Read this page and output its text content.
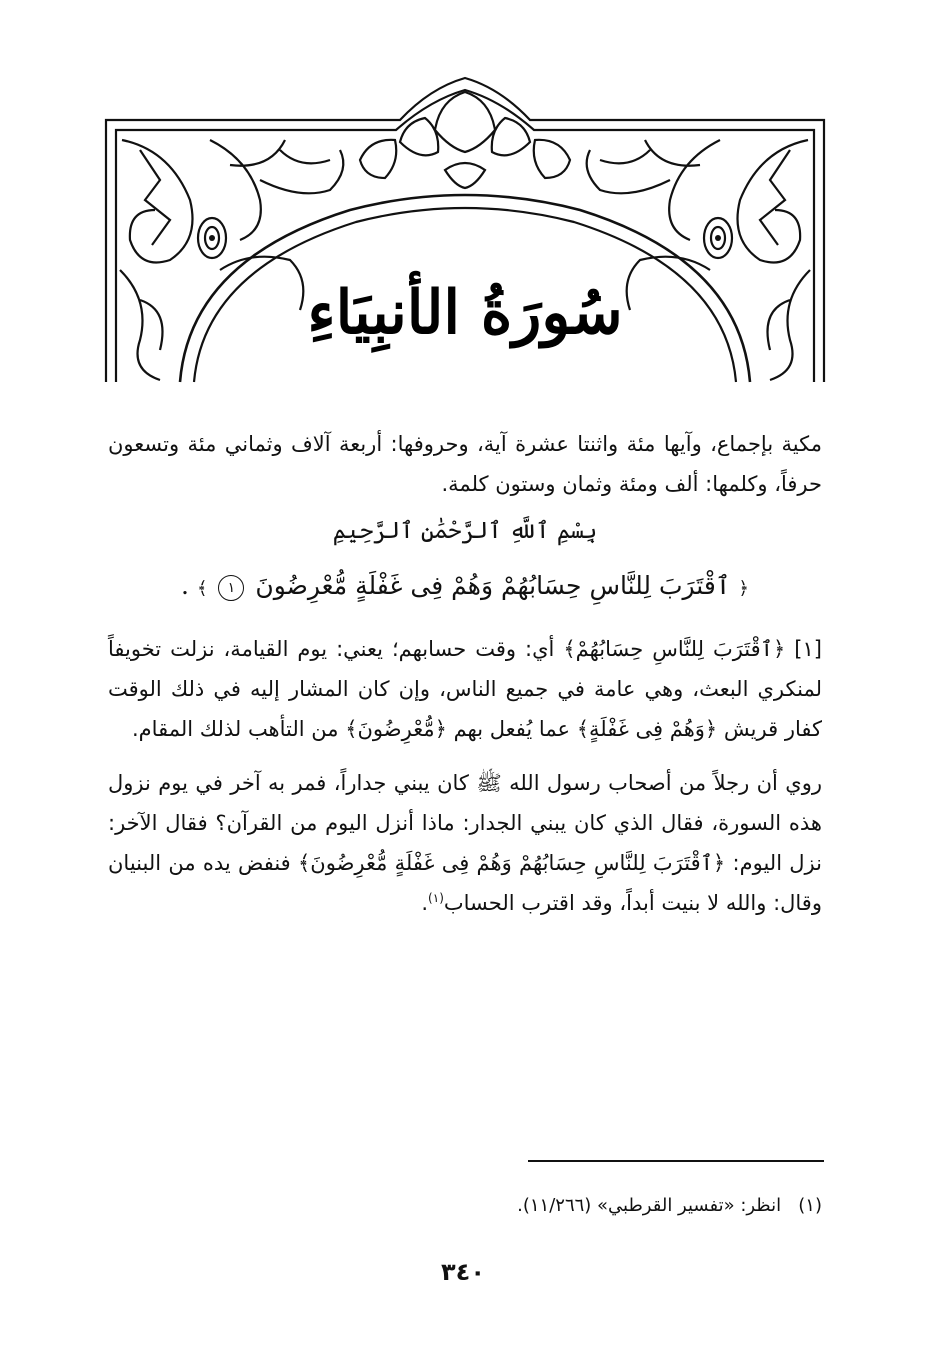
سُورَةُ الأنبِيَاءِ

مكية بإجماع، وآيها مئة واثنتا عشرة آية، وحروفها: أربعة آلاف وثماني مئة وتسعون حرفاً، وكلمها: ألف ومئة وثمان وستون كلمة.

بِسْمِ ٱللَّهِ ٱلرَّحْمَٰنِ ٱلرَّحِيمِ

﴿ ٱقْتَرَبَ لِلنَّاسِ حِسَابُهُمْ وَهُمْ فِى غَفْلَةٍ مُّعْرِضُونَ ١ ﴾ .

[١] ﴿ٱقْتَرَبَ لِلنَّاسِ حِسَابُهُمْ﴾ أي: وقت حسابهم؛ يعني: يوم القيامة، نزلت تخويفاً لمنكري البعث، وهي عامة في جميع الناس، وإن كان المشار إليه في ذلك الوقت كفار قريش ﴿وَهُمْ فِى غَفْلَةٍ﴾ عما يُفعل بهم ﴿مُّعْرِضُونَ﴾ من التأهب لذلك المقام.

روي أن رجلاً من أصحاب رسول الله ﷺ كان يبني جداراً، فمر به آخر في يوم نزول هذه السورة، فقال الذي كان يبني الجدار: ماذا أنزل اليوم من القرآن؟ فقال الآخر: نزل اليوم: ﴿ٱقْتَرَبَ لِلنَّاسِ حِسَابُهُمْ وَهُمْ فِى غَفْلَةٍ مُّعْرِضُونَ﴾ فنفض يده من البنيان وقال: والله لا بنيت أبداً، وقد اقترب الحساب$^{(١)}$.

(١)   انظر: «تفسير القرطبي» (١١/٢٦٦).
٣٤٠
